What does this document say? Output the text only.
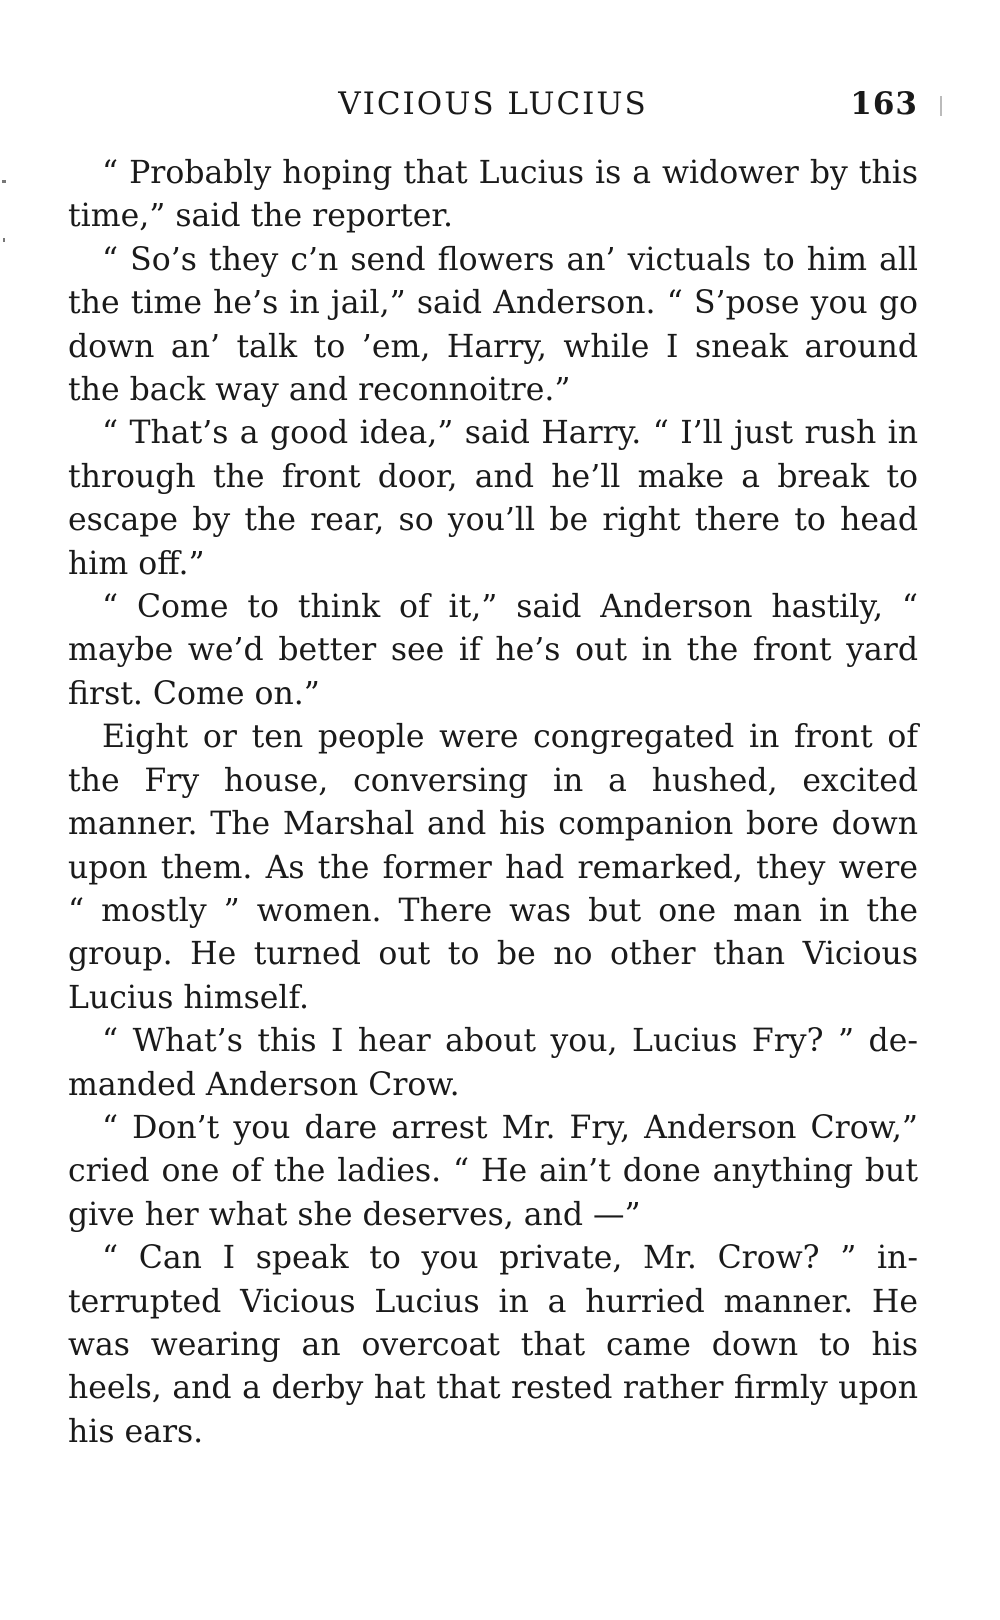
VICIOUS LUCIUS	163

“ Probably hoping that Lucius is a widower by this time,” said the reporter.

“ So’s they c’n send flowers an’ victuals to him all the time he’s in jail,” said Anderson. “ S’pose you go down an’ talk to ’em, Harry, while I sneak around the back way and reconnoitre.”

“ That’s a good idea,” said Harry. “ I’ll just rush in through the front door, and he’ll make a break to escape by the rear, so you’ll be right there to head him off.”

“ Come to think of it,” said Anderson hastily, “ maybe we’d better see if he’s out in the front yard first. Come on.”

Eight or ten people were congregated in front of the Fry house, conversing in a hushed, excited manner. The Marshal and his companion bore down upon them. As the former had remarked, they were “ mostly ” women. There was but one man in the group. He turned out to be no other than Vicious Lucius himself.

“ What’s this I hear about you, Lucius Fry? ” de-manded Anderson Crow.

“ Don’t you dare arrest Mr. Fry, Anderson Crow,” cried one of the ladies. “ He ain’t done anything but give her what she deserves, and —”

“ Can I speak to you private, Mr. Crow? ” in-terrupted Vicious Lucius in a hurried manner. He was wearing an overcoat that came down to his heels, and a derby hat that rested rather firmly upon his ears.
